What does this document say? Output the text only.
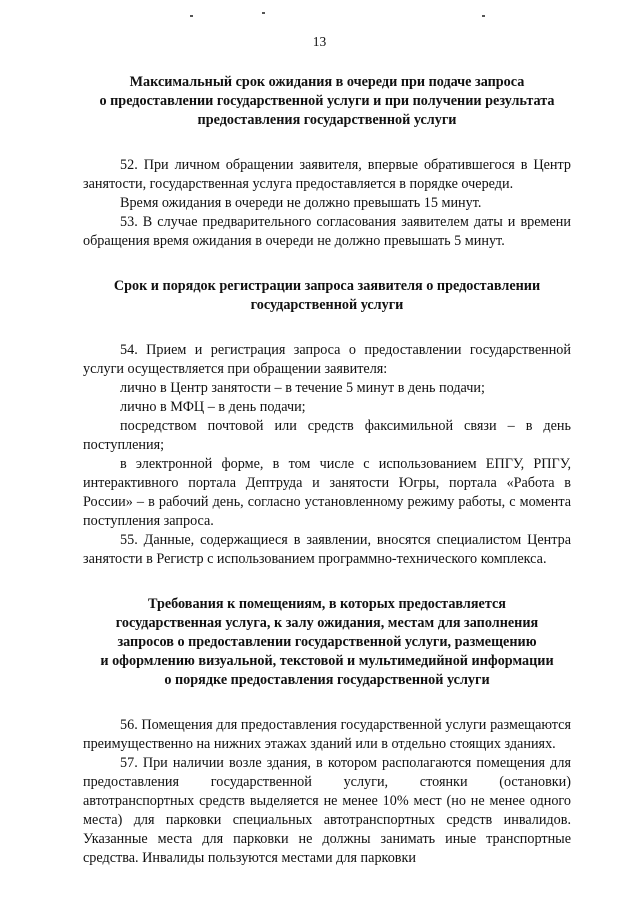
13
Максимальный срок ожидания в очереди при подаче запроса
о предоставлении государственной услуги и при получении результата
предоставления государственной услуги

52. При личном обращении заявителя, впервые обратившегося в Центр занятости, государственная услуга предоставляется в порядке очереди.

Время ожидания в очереди не должно превышать 15 минут.

53. В случае предварительного согласования заявителем даты и времени обращения время ожидания в очереди не должно превышать 5 минут.

Срок и порядок регистрации запроса заявителя о предоставлении
государственной услуги

54. Прием и регистрация запроса о предоставлении государственной услуги осуществляется при обращении заявителя:

лично в Центр занятости – в течение 5 минут в день подачи;

лично в МФЦ – в день подачи;

посредством почтовой или средств факсимильной связи – в день поступления;

в электронной форме, в том числе с использованием ЕПГУ, РПГУ, интерактивного портала Дептруда и занятости Югры, портала «Работа в России» – в рабочий день, согласно установленному режиму работы, с момента поступления запроса.

55. Данные, содержащиеся в заявлении, вносятся специалистом Центра занятости в Регистр с использованием программно-технического комплекса.

Требования к помещениям, в которых предоставляется
государственная услуга, к залу ожидания, местам для заполнения
запросов о предоставлении государственной услуги, размещению
и оформлению визуальной, текстовой и мультимедийной информации
о порядке предоставления государственной услуги

56. Помещения для предоставления государственной услуги размещаются преимущественно на нижних этажах зданий или в отдельно стоящих зданиях.

57. При наличии возле здания, в котором располагаются помещения для предоставления государственной услуги, стоянки (остановки) автотранспортных средств выделяется не менее 10% мест (но не менее одного места) для парковки специальных автотранспортных средств инвалидов. Указанные места для парковки не должны занимать иные транспортные средства. Инвалиды пользуются местами для парковки
